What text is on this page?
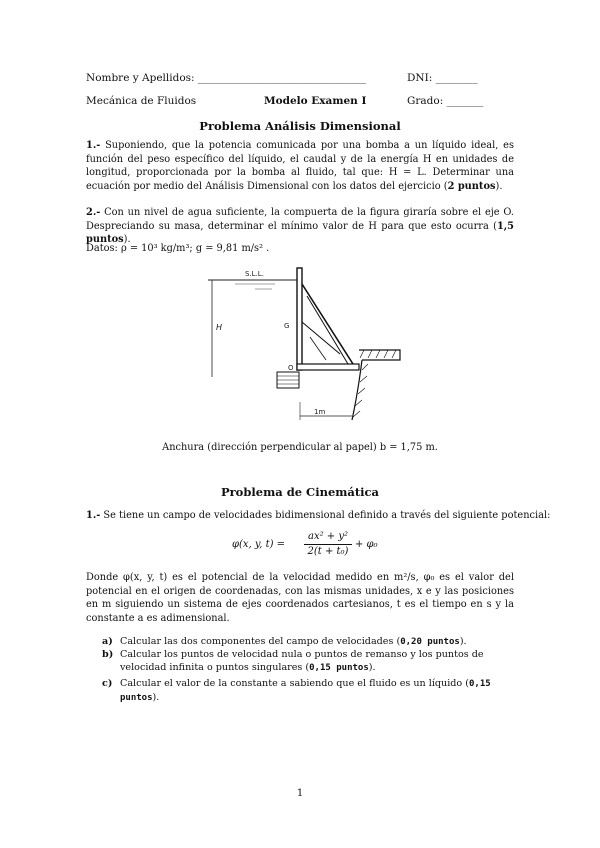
Nombre y Apellidos: ________________________________	DNI: ________
Mecánica de Fluidos	Modelo Examen I	Grado: _______
Problema Análisis Dimensional
1.- Suponiendo, que la potencia comunicada por una bomba a un líquido ideal, es función del peso específico del líquido, el caudal y de la energía H en unidades de longitud, proporcionada por la bomba al fluido, tal que: H = L. Determinar una ecuación por medio del Análisis Dimensional con los datos del ejercicio (2 puntos).
2.- Con un nivel de agua suficiente, la compuerta de la figura giraría sobre el eje O. Despreciando su masa, determinar el mínimo valor de H para que esto ocurra (1,5 puntos).
Datos: ρ = 10³ kg/m³; g = 9,81 m/s² .
S.L.L.
H	G
O
1m
Anchura (dirección perpendicular al papel) b = 1,75 m.
Problema de Cinemática
1.- Se tiene un campo de velocidades bidimensional definido a través del siguiente potencial:
φ(x, y, t) =
ax² + y²
2(t + t₀)
+ φ₀
Donde φ(x, y, t) es el potencial de la velocidad medido en m²/s, φ₀ es el valor del potencial en el origen de coordenadas, con las mismas unidades, x e y las posiciones en m siguiendo un sistema de ejes coordenados cartesianos, t es el tiempo en s y la constante a es adimensional.
a) Calcular las dos componentes del campo de velocidades (0,20 puntos).
b) Calcular los puntos de velocidad nula o puntos de remanso y los puntos de velocidad infinita o puntos singulares (0,15 puntos).
c) Calcular el valor de la constante a sabiendo que el fluido es un líquido (0,15 puntos).
1
